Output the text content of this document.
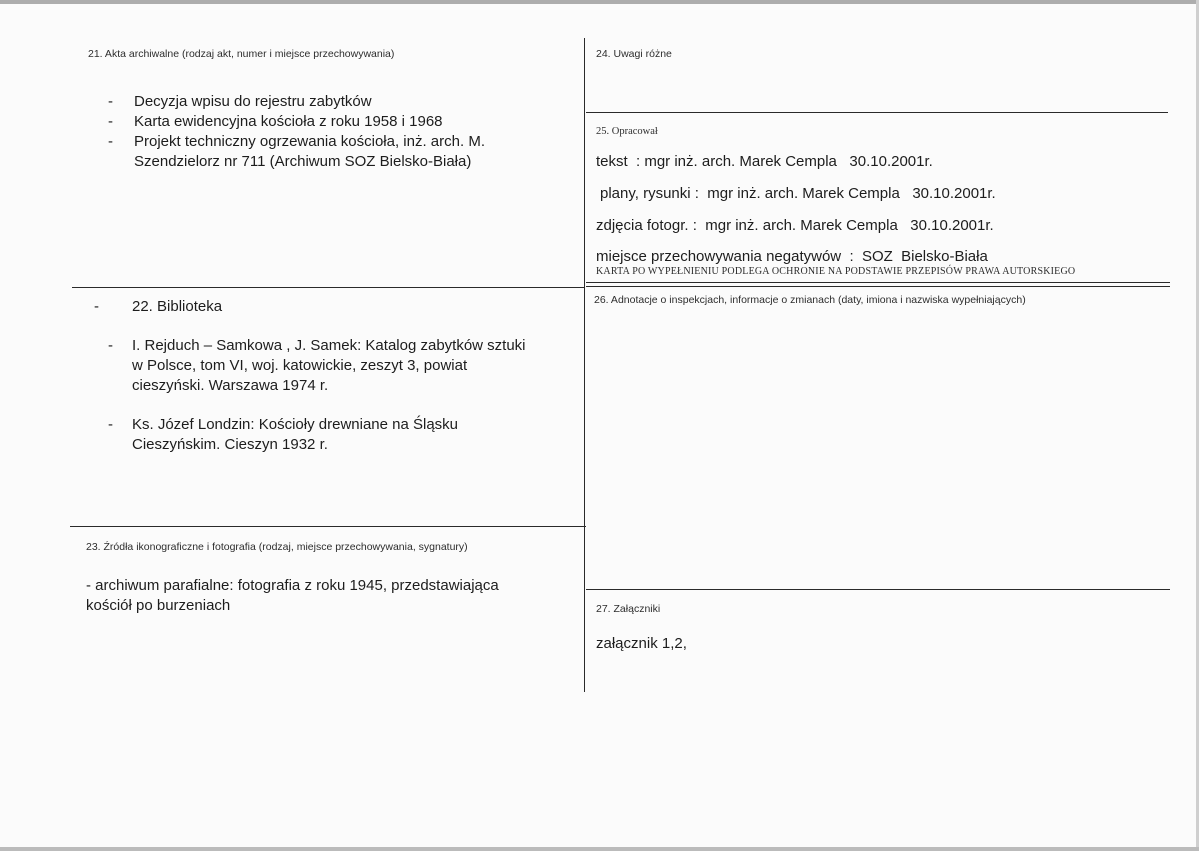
21. Akta archiwalne (rodzaj akt, numer i miejsce przechowywania)
-	Decyzja wpisu do rejestru zabytków
-	Karta ewidencyjna kościoła z roku 1958 i 1968
-	Projekt techniczny ogrzewania kościoła, inż. arch. M.
Szendzielorz nr 711 (Archiwum SOZ Bielsko-Biała)
-	22. Biblioteka
-	I. Rejduch – Samkowa , J. Samek: Katalog zabytków sztuki
w Polsce, tom VI, woj. katowickie, zeszyt 3, powiat
cieszyński. Warszawa 1974 r.
-	Ks. Józef Londzin: Kościoły drewniane na Śląsku
Cieszyńskim. Cieszyn 1932 r.
23. Źródła ikonograficzne i fotografia (rodzaj, miejsce przechowywania, sygnatury)
- archiwum parafialne: fotografia z roku 1945, przedstawiająca
kościół po burzeniach
24. Uwagi różne
25. Opracował
tekst  : mgr inż. arch. Marek Cempla   30.10.2001r.
plany, rysunki :  mgr inż. arch. Marek Cempla   30.10.2001r.
zdjęcia fotogr. :  mgr inż. arch. Marek Cempla   30.10.2001r.
miejsce przechowywania negatywów  :  SOZ  Bielsko-Biała
KARTA PO WYPEŁNIENIU PODLEGA OCHRONIE NA PODSTAWIE PRZEPISÓW PRAWA AUTORSKIEGO
26. Adnotacje o inspekcjach, informacje o zmianach (daty, imiona i nazwiska wypełniających)
27. Załączniki
załącznik 1,2,
